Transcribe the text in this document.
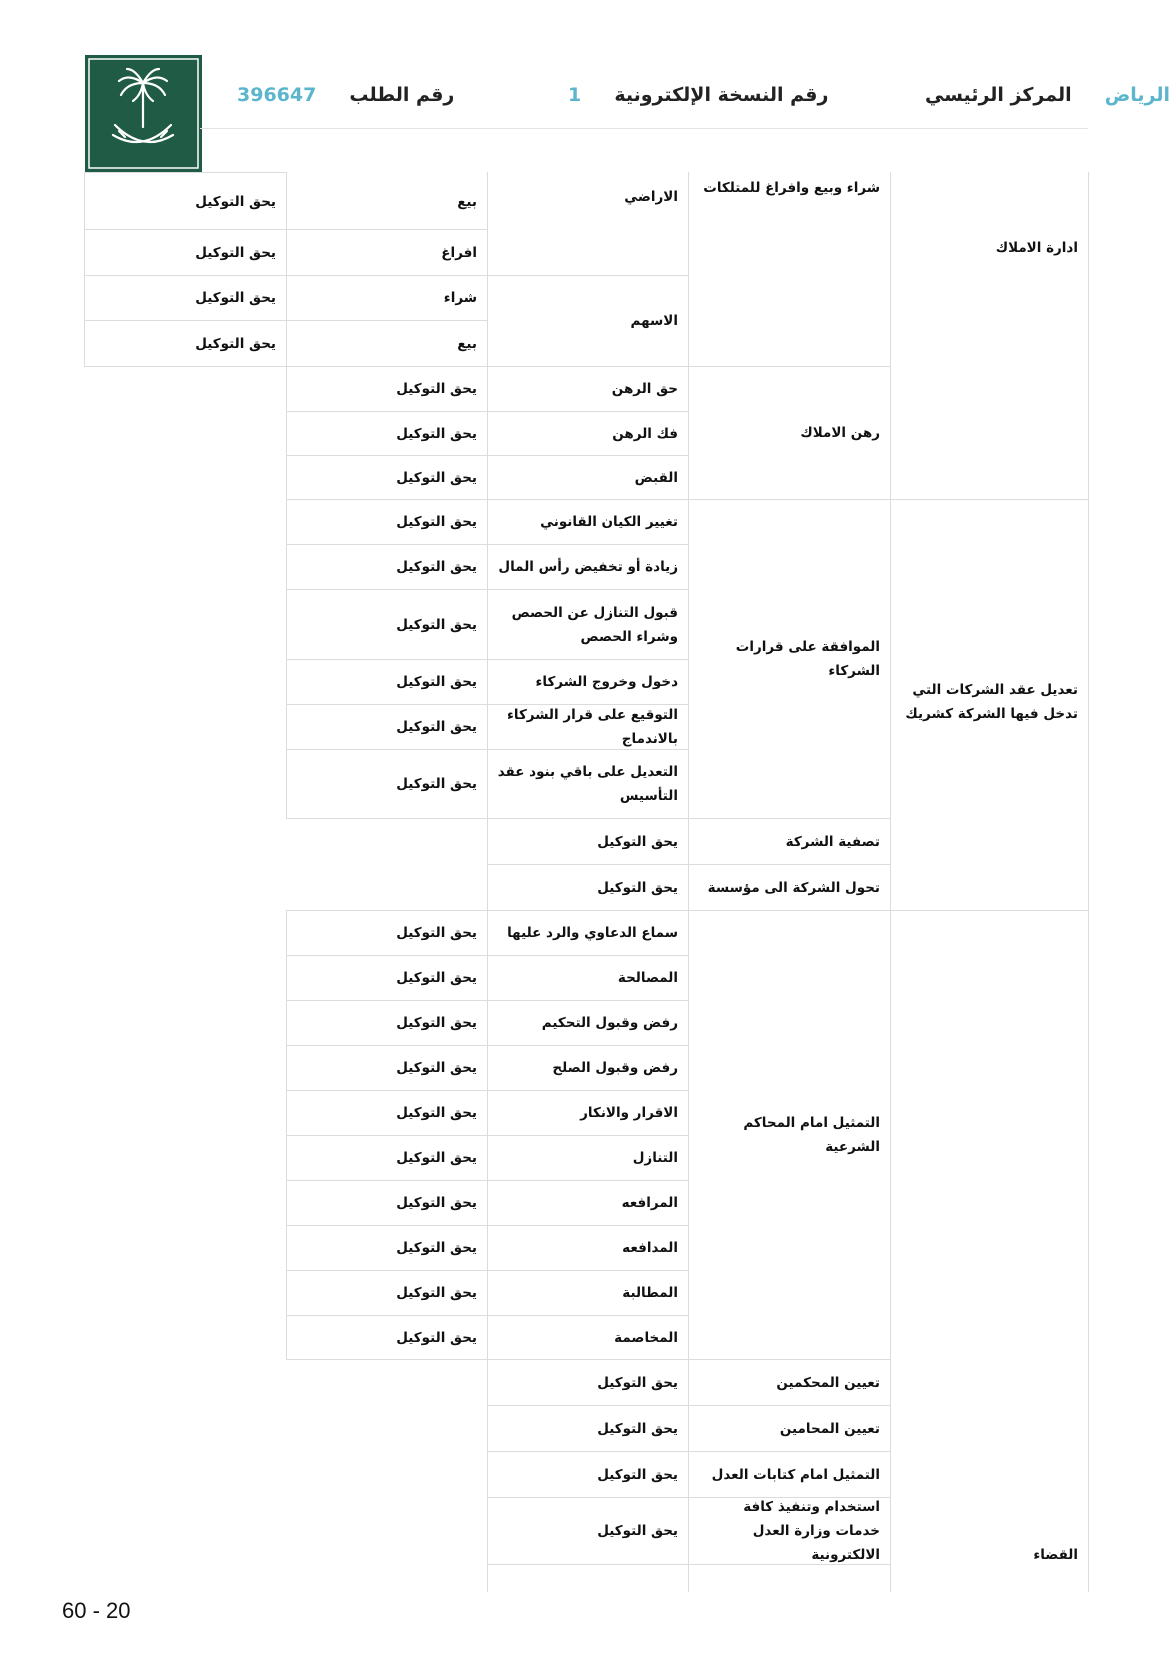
الرياض     المركز الرئيسي
1 رقم النسخة الإلكترونية
396647 رقم الطلب
ادارة الاملاك
تعديل عقد الشركات التي تدخل فيها الشركة كشريك
القضاء
شراء وبيع وافراغ للمتلكات
رهن الاملاك
الموافقة على قرارات الشركاء
تصفية الشركة
تحول الشركة الى مؤسسة
التمثيل امام المحاكم الشرعية
تعيين المحكمين
تعيين المحامين
التمثيل امام كتابات العدل
استخدام وتنفيذ كافة خدمات وزارة العدل الالكترونية
الاراضي
الاسهم
حق الرهن
فك الرهن
القبض
تغيير الكيان القانوني
زيادة أو تخفيض رأس المال
قبول التنازل عن الحصص وشراء الحصص
دخول وخروج الشركاء
التوقيع على قرار الشركاء بالاندماج
التعديل على باقي بنود عقد التأسيس
يحق التوكيل
يحق التوكيل
سماع الدعاوي والرد عليها
المصالحة
رفض وقبول التحكيم
رفض وقبول الصلح
الاقرار والانكار
التنازل
المرافعه
المدافعه
المطالبة
المخاصمة
يحق التوكيل
يحق التوكيل
يحق التوكيل
يحق التوكيل
بيع
افراغ
شراء
بيع
يحق التوكيل
يحق التوكيل
يحق التوكيل
يحق التوكيل
يحق التوكيل
يحق التوكيل
يحق التوكيل
يحق التوكيل
يحق التوكيل
يحق التوكيل
يحق التوكيل
يحق التوكيل
يحق التوكيل
يحق التوكيل
يحق التوكيل
يحق التوكيل
يحق التوكيل
يحق التوكيل
يحق التوكيل
يحق التوكيل
يحق التوكيل
يحق التوكيل
يحق التوكيل
60 - 20
